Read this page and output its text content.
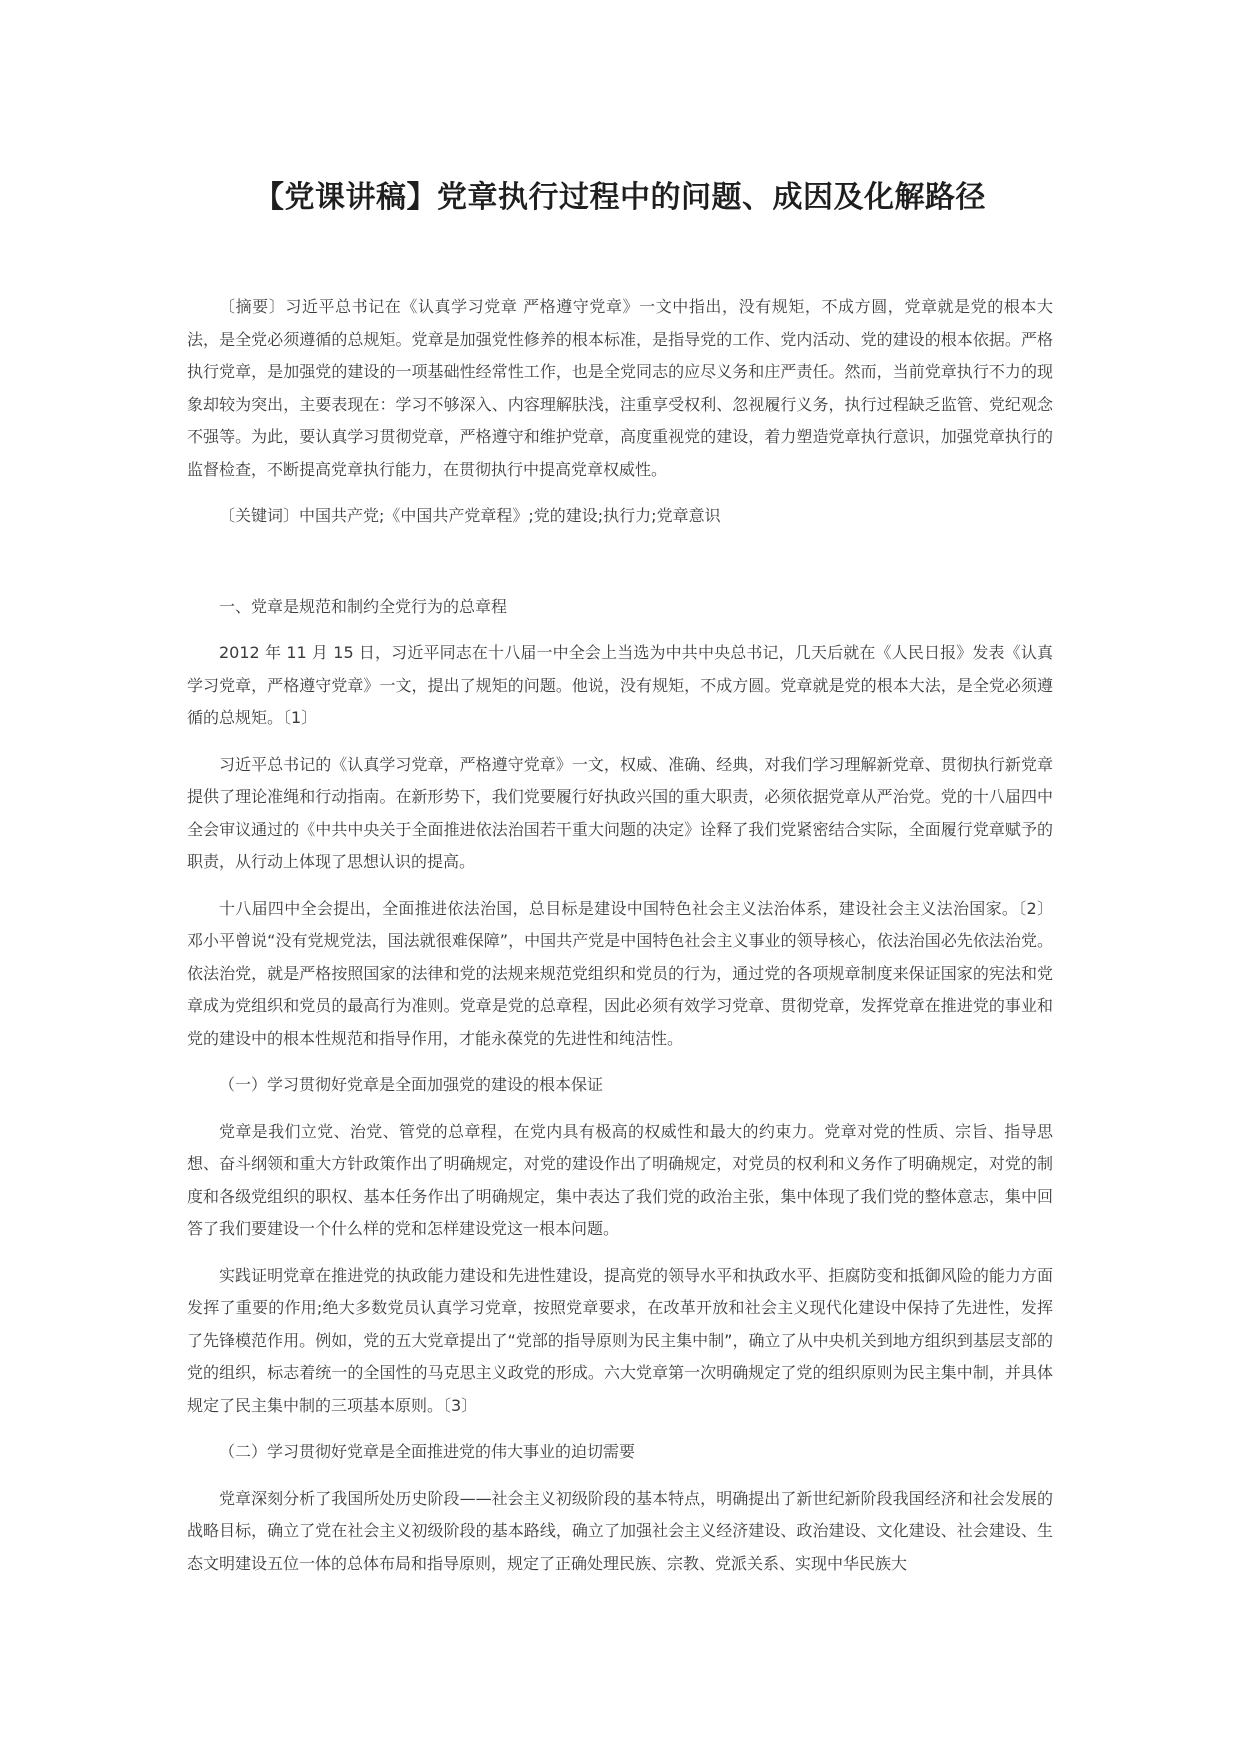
【党课讲稿】党章执行过程中的问题、成因及化解路径

〔摘要〕习近平总书记在《认真学习党章 严格遵守党章》一文中指出，没有规矩，不成方圆，党章就是党的根本大法，是全党必须遵循的总规矩。党章是加强党性修养的根本标准，是指导党的工作、党内活动、党的建设的根本依据。严格执行党章，是加强党的建设的一项基础性经常性工作，也是全党同志的应尽义务和庄严责任。然而，当前党章执行不力的现象却较为突出，主要表现在：学习不够深入、内容理解肤浅，注重享受权利、忽视履行义务，执行过程缺乏监管、党纪观念不强等。为此，要认真学习贯彻党章，严格遵守和维护党章，高度重视党的建设，着力塑造党章执行意识，加强党章执行的监督检查，不断提高党章执行能力，在贯彻执行中提高党章权威性。

〔关键词〕中国共产党;《中国共产党章程》;党的建设;执行力;党章意识

一、党章是规范和制约全党行为的总章程

2012 年 11 月 15 日，习近平同志在十八届一中全会上当选为中共中央总书记，几天后就在《人民日报》发表《认真学习党章，严格遵守党章》一文，提出了规矩的问题。他说，没有规矩，不成方圆。党章就是党的根本大法，是全党必须遵循的总规矩。〔1〕

习近平总书记的《认真学习党章，严格遵守党章》一文，权威、准确、经典，对我们学习理解新党章、贯彻执行新党章提供了理论准绳和行动指南。在新形势下，我们党要履行好执政兴国的重大职责，必须依据党章从严治党。党的十八届四中全会审议通过的《中共中央关于全面推进依法治国若干重大问题的决定》诠释了我们党紧密结合实际，全面履行党章赋予的职责，从行动上体现了思想认识的提高。

十八届四中全会提出，全面推进依法治国，总目标是建设中国特色社会主义法治体系，建设社会主义法治国家。〔2〕邓小平曾说“没有党规党法，国法就很难保障”，中国共产党是中国特色社会主义事业的领导核心，依法治国必先依法治党。依法治党，就是严格按照国家的法律和党的法规来规范党组织和党员的行为，通过党的各项规章制度来保证国家的宪法和党章成为党组织和党员的最高行为准则。党章是党的总章程，因此必须有效学习党章、贯彻党章，发挥党章在推进党的事业和党的建设中的根本性规范和指导作用，才能永葆党的先进性和纯洁性。

（一）学习贯彻好党章是全面加强党的建设的根本保证

党章是我们立党、治党、管党的总章程，在党内具有极高的权威性和最大的约束力。党章对党的性质、宗旨、指导思想、奋斗纲领和重大方针政策作出了明确规定，对党的建设作出了明确规定，对党员的权利和义务作了明确规定，对党的制度和各级党组织的职权、基本任务作出了明确规定，集中表达了我们党的政治主张，集中体现了我们党的整体意志，集中回答了我们要建设一个什么样的党和怎样建设党这一根本问题。

实践证明党章在推进党的执政能力建设和先进性建设，提高党的领导水平和执政水平、拒腐防变和抵御风险的能力方面发挥了重要的作用;绝大多数党员认真学习党章，按照党章要求，在改革开放和社会主义现代化建设中保持了先进性，发挥了先锋模范作用。例如，党的五大党章提出了“党部的指导原则为民主集中制”，确立了从中央机关到地方组织到基层支部的党的组织，标志着统一的全国性的马克思主义政党的形成。六大党章第一次明确规定了党的组织原则为民主集中制，并具体规定了民主集中制的三项基本原则。〔3〕

（二）学习贯彻好党章是全面推进党的伟大事业的迫切需要

党章深刻分析了我国所处历史阶段——社会主义初级阶段的基本特点，明确提出了新世纪新阶段我国经济和社会发展的战略目标，确立了党在社会主义初级阶段的基本路线，确立了加强社会主义经济建设、政治建设、文化建设、社会建设、生态文明建设五位一体的总体布局和指导原则，规定了正确处理民族、宗教、党派关系、实现中华民族大
